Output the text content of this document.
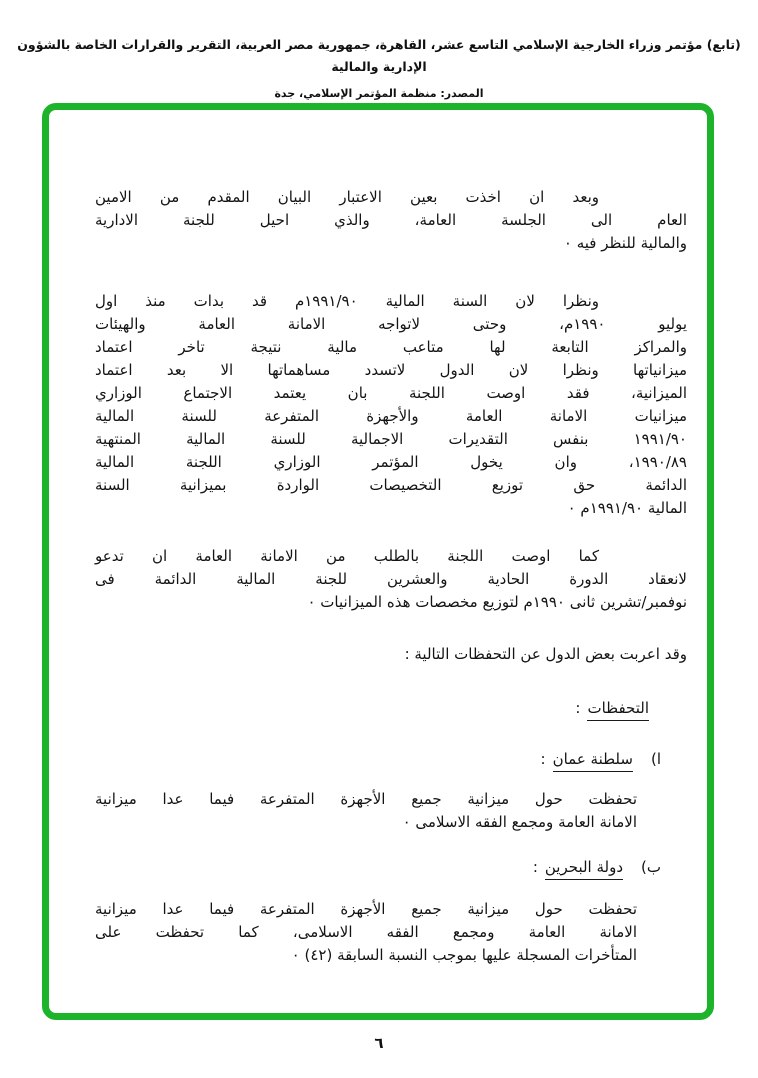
(تابع) مؤتمر وزراء الخارجية الإسلامي التاسع عشر، القاهرة، جمهورية مصر العربية، التقرير والقرارات الخاصة بالشؤون الإدارية والمالية
المصدر: منظمة المؤتمر الإسلامي، جدة
وبعد ان اخذت بعين الاعتبار البيان المقدم من الامين
العام الى الجلسة العامة، والذي احيل للجنة الادارية
والمالية للنظر فيه ٠
ونظرا لان السنة المالية ١٩٩١/٩٠م قد بدات منذ اول
يوليو ١٩٩٠م، وحتى لاتواجه الامانة العامة والهيئات
والمراكز التابعة لها متاعب مالية نتيجة تاخر اعتماد
ميزانياتها ونظرا لان الدول لاتسدد مساهماتها الا بعد اعتماد
الميزانية، فقد اوصت اللجنة بان يعتمد الاجتماع الوزاري
ميزانيات الامانة العامة والأجهزة المتفرعة للسنة المالية
١٩٩١/٩٠ بنفس التقديرات الاجمالية للسنة المالية المنتهية
١٩٩٠/٨٩، وان يخول المؤتمر الوزاري اللجنة المالية
الدائمة حق توزيع التخصيصات الواردة بميزانية السنة
المالية ١٩٩١/٩٠م ٠
كما اوصت اللجنة بالطلب من الامانة العامة ان تدعو
لانعقاد الدورة الحادية والعشرين للجنة المالية الدائمة فى
نوفمبر/تشرين ثانى ١٩٩٠م لتوزيع مخصصات هذه الميزانيات ٠
وقد اعربت بعض الدول عن التحفظات التالية :
التحفظات:
ا)سلطنة عمان:
تحفظت حول ميزانية جميع الأجهزة المتفرعة فيما عدا ميزانية
الامانة العامة ومجمع الفقه الاسلامى ٠
ب)دولة البحرين:
تحفظت حول ميزانية جميع الأجهزة المتفرعة فيما عدا ميزانية
الامانة العامة ومجمع الفقه الاسلامى، كما تحفظت على
المتأخرات المسجلة عليها بموجب النسبة السابقة (٤٢) ٠
٦
